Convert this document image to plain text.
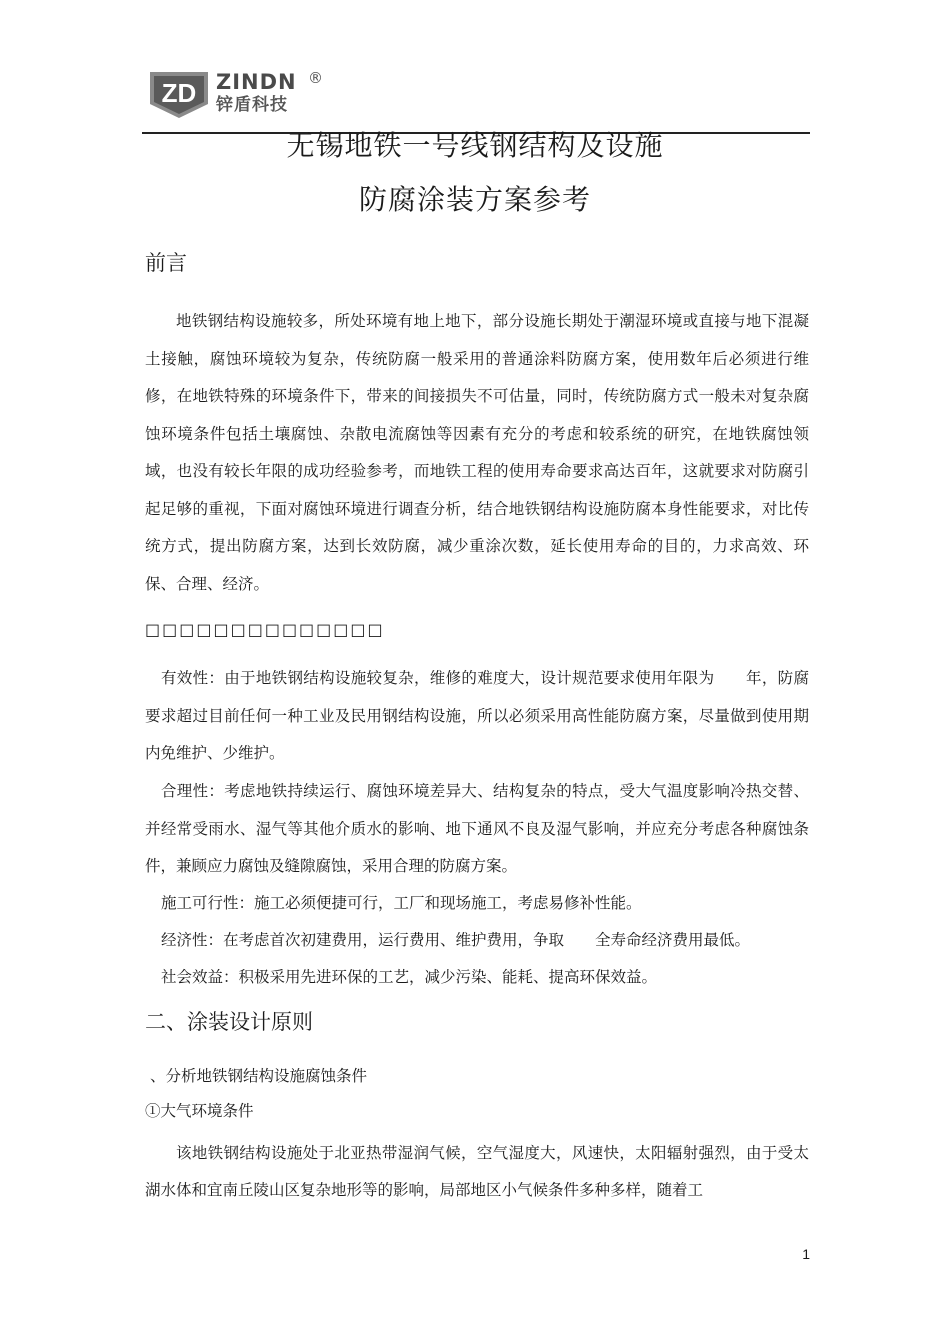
ZD ZINDN ®
锌盾科技
无锡地铁一号线钢结构及设施
防腐涂装方案参考
前言

地铁钢结构设施较多，所处环境有地上地下，部分设施长期处于潮湿环境或直接与地下混凝土接触，腐蚀环境较为复杂，传统防腐一般采用的普通涂料防腐方案，使用数年后必须进行维修，在地铁特殊的环境条件下，带来的间接损失不可估量，同时，传统防腐方式一般未对复杂腐蚀环境条件包括土壤腐蚀、杂散电流腐蚀等因素有充分的考虑和较系统的研究，在地铁腐蚀领域，也没有较长年限的成功经验参考，而地铁工程的使用寿命要求高达百年，这就要求对防腐引起足够的重视，下面对腐蚀环境进行调查分析，结合地铁钢结构设施防腐本身性能要求，对比传统方式，提出防腐方案，达到长效防腐，减少重涂次数，延长使用寿命的目的，力求高效、环保、合理、经济。

□□□□□□□□□□□□□□

有效性：由于地铁钢结构设施较复杂，维修的难度大，设计规范要求使用年限为　　年，防腐要求超过目前任何一种工业及民用钢结构设施，所以必须采用高性能防腐方案，尽量做到使用期内免维护、少维护。

合理性：考虑地铁持续运行、腐蚀环境差异大、结构复杂的特点，受大气温度影响冷热交替、并经常受雨水、湿气等其他介质水的影响、地下通风不良及湿气影响，并应充分考虑各种腐蚀条件，兼顾应力腐蚀及缝隙腐蚀，采用合理的防腐方案。

施工可行性：施工必须便捷可行，工厂和现场施工，考虑易修补性能。

经济性：在考虑首次初建费用，运行费用、维护费用，争取　　全寿命经济费用最低。

社会效益：积极采用先进环保的工艺，减少污染、能耗、提高环保效益。

二、涂装设计原则
、分析地铁钢结构设施腐蚀条件
①大气环境条件

该地铁钢结构设施处于北亚热带湿润气候，空气湿度大，风速快，太阳辐射强烈，由于受太湖水体和宜南丘陵山区复杂地形等的影响，局部地区小气候条件多种多样，随着工

1
